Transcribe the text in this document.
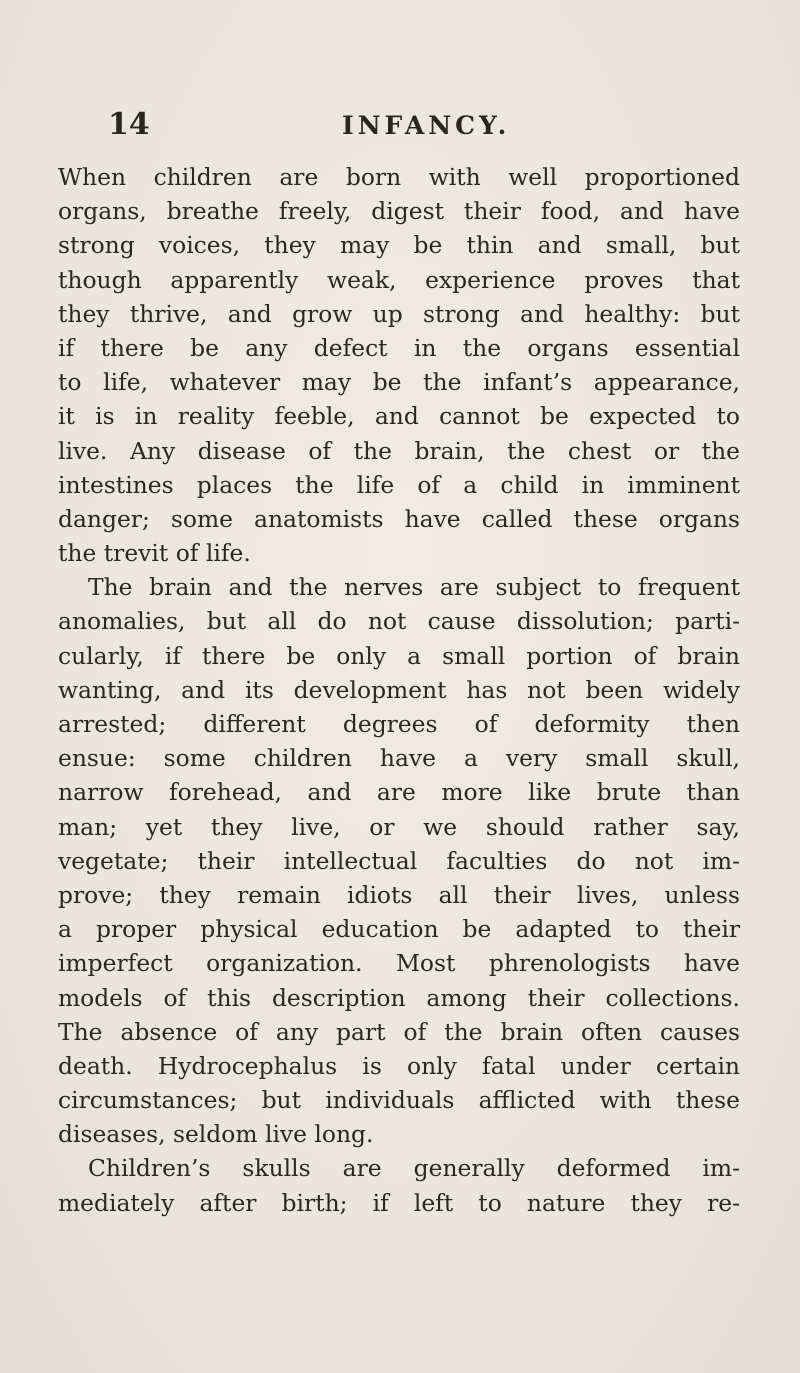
14	INFANCY.
When children are born with well proportioned
organs, breathe freely, digest their food, and have
strong voices, they may be thin and small, but
though apparently weak, experience proves that
they thrive, and grow up strong and healthy: but
if there be any defect in the organs essential
to life, whatever may be the infant’s appearance,
it is in reality feeble, and cannot be expected to
live. Any disease of the brain, the chest or the
intestines places the life of a child in imminent
danger; some anatomists have called these organs
the trevit of life.
The brain and the nerves are subject to frequent
anomalies, but all do not cause dissolution; parti-
cularly, if there be only a small portion of brain
wanting, and its development has not been widely
arrested; different degrees of deformity then
ensue: some children have a very small skull,
narrow forehead, and are more like brute than
man; yet they live, or we should rather say,
vegetate; their intellectual faculties do not im-
prove; they remain idiots all their lives, unless
a proper physical education be adapted to their
imperfect organization. Most phrenologists have
models of this description among their collections.
The absence of any part of the brain often causes
death. Hydrocephalus is only fatal under certain
circumstances; but individuals afflicted with these
diseases, seldom live long.
Children’s skulls are generally deformed im-
mediately after birth; if left to nature they re-
